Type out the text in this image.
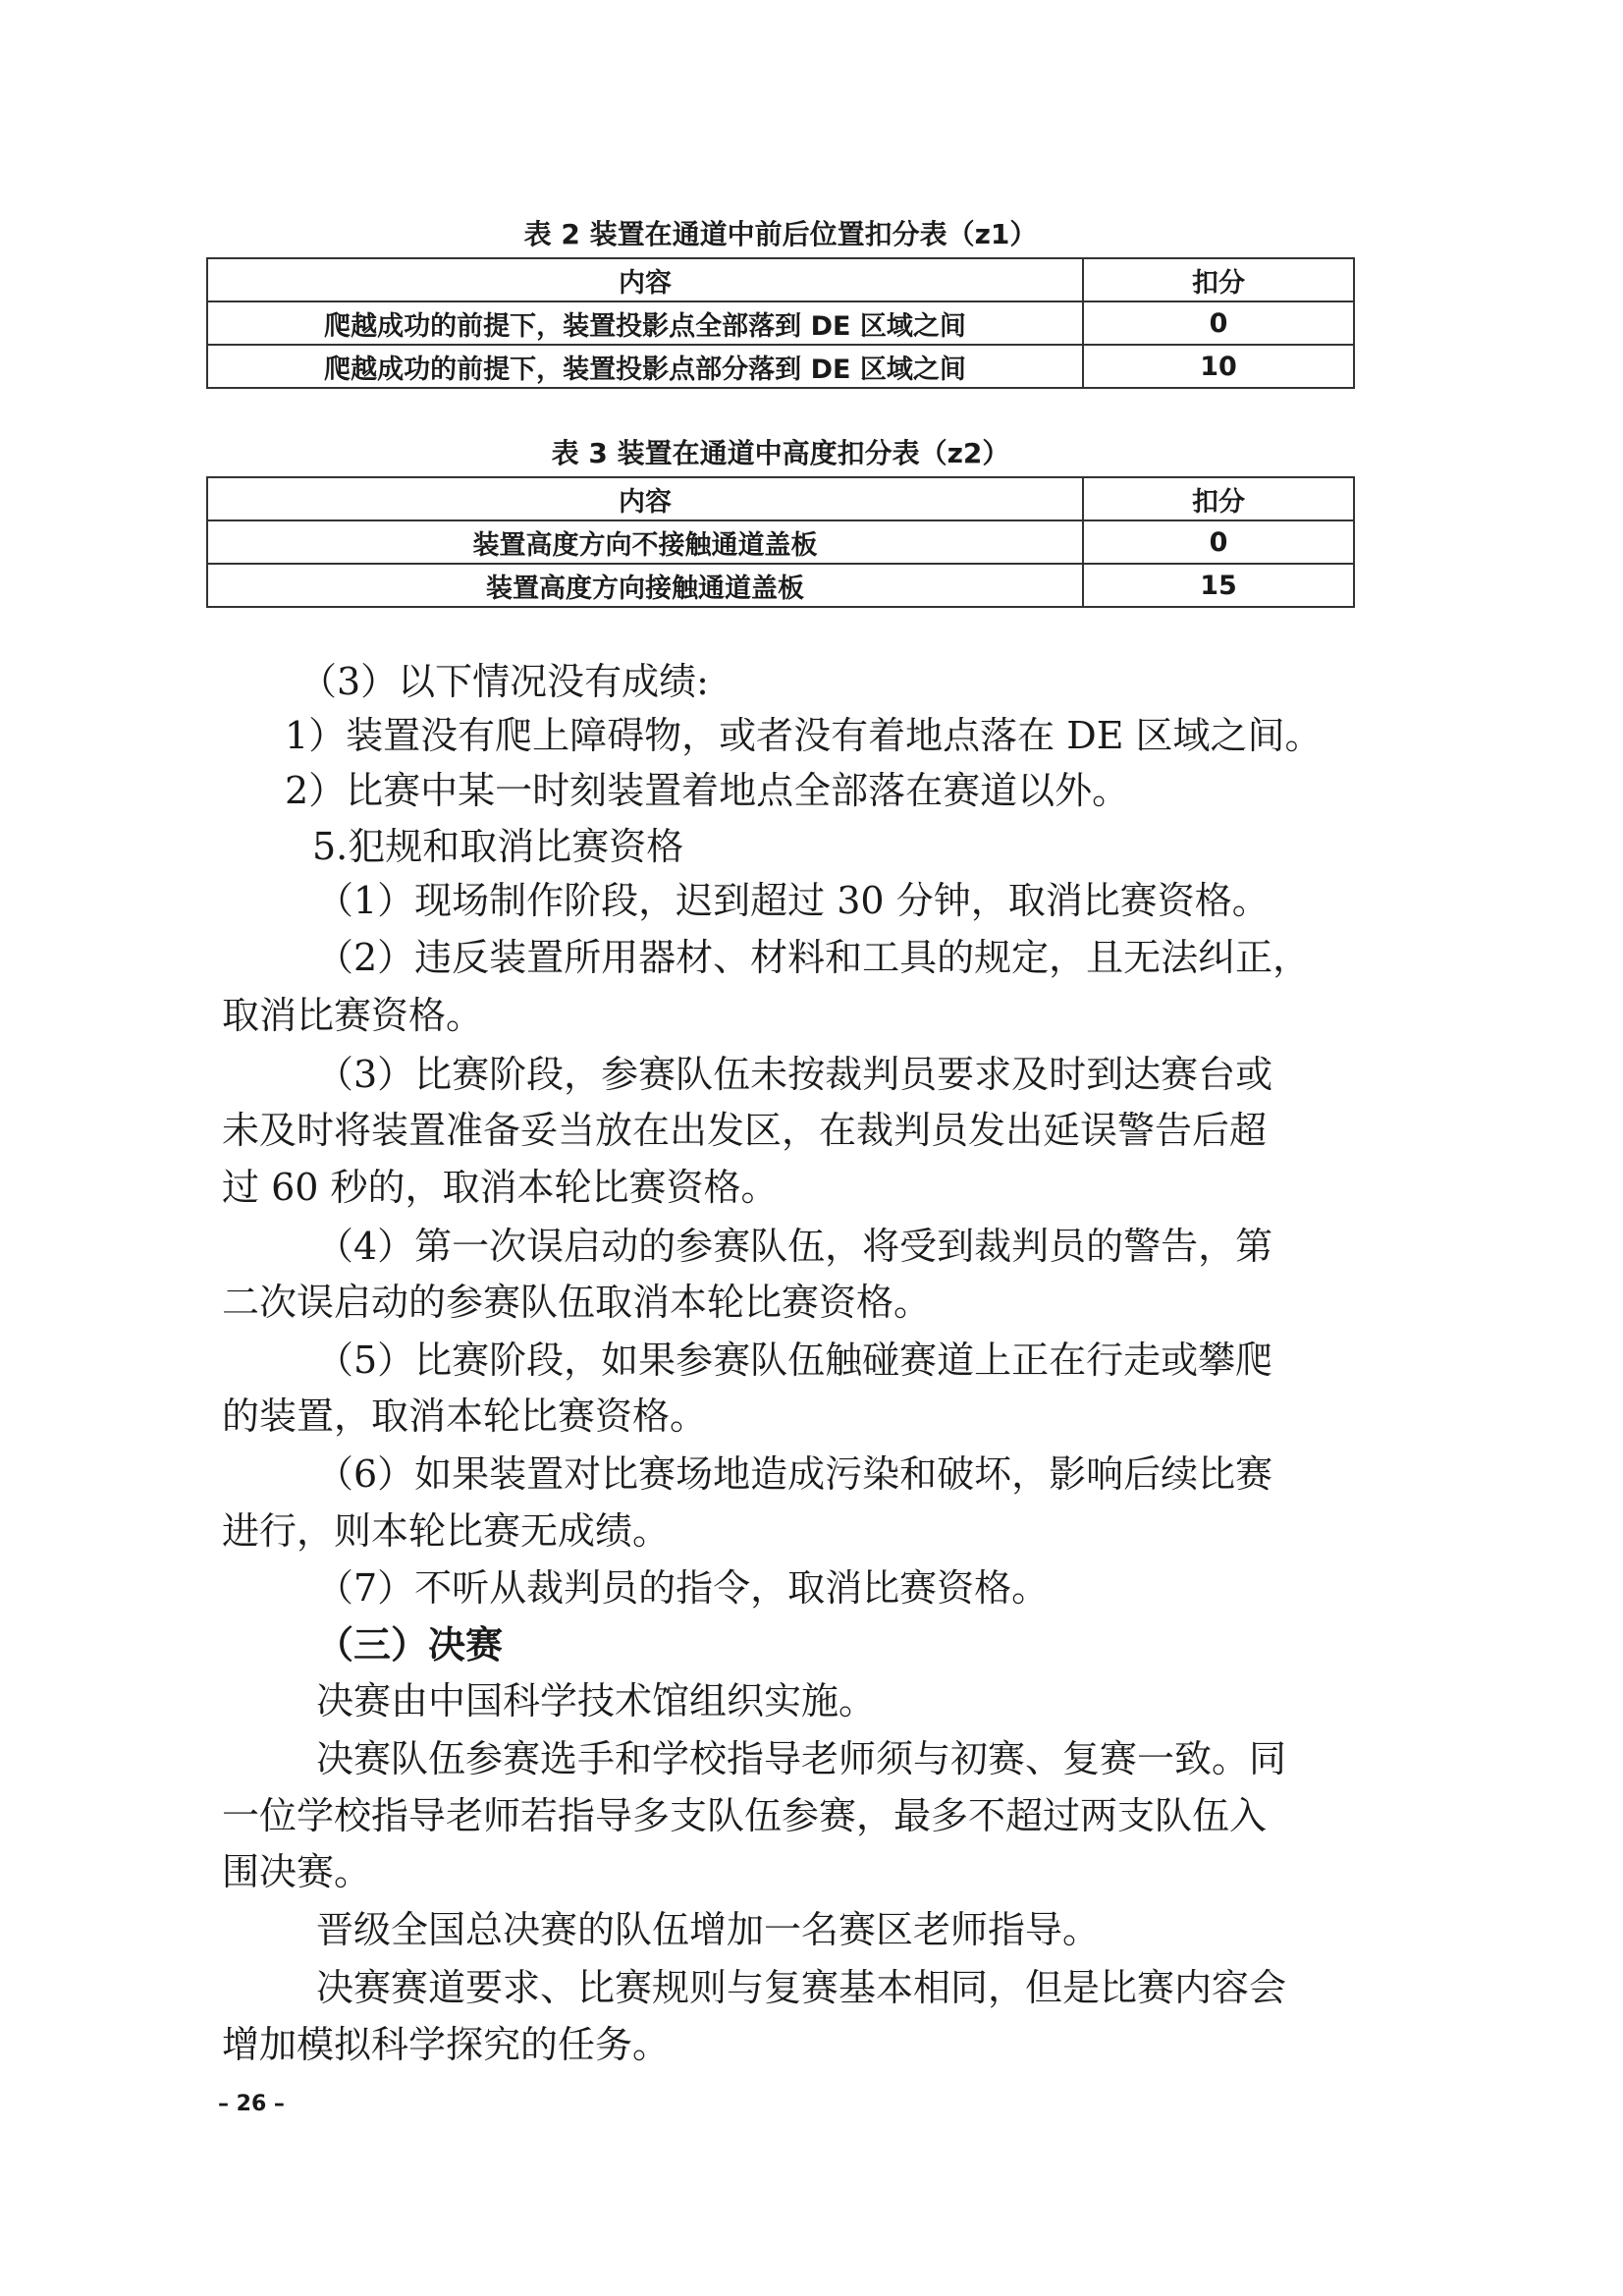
表 2 装置在通道中前后位置扣分表（z1）
内容	扣分
爬越成功的前提下，装置投影点全部落到 DE 区域之间	0
爬越成功的前提下，装置投影点部分落到 DE 区域之间	10
表 3 装置在通道中高度扣分表（z2）
内容	扣分
装置高度方向不接触通道盖板	0
装置高度方向接触通道盖板	15
（3）以下情况没有成绩:
1）装置没有爬上障碍物，或者没有着地点落在 DE 区域之间。
2）比赛中某一时刻装置着地点全部落在赛道以外。
5.犯规和取消比赛资格
（1）现场制作阶段，迟到超过 30 分钟，取消比赛资格。
（2）违反装置所用器材、材料和工具的规定，且无法纠正，
取消比赛资格。
（3）比赛阶段，参赛队伍未按裁判员要求及时到达赛台或
未及时将装置准备妥当放在出发区，在裁判员发出延误警告后超
过 60 秒的，取消本轮比赛资格。
（4）第一次误启动的参赛队伍，将受到裁判员的警告，第
二次误启动的参赛队伍取消本轮比赛资格。
（5）比赛阶段，如果参赛队伍触碰赛道上正在行走或攀爬
的装置，取消本轮比赛资格。
（6）如果装置对比赛场地造成污染和破坏，影响后续比赛
进行，则本轮比赛无成绩。
（7）不听从裁判员的指令，取消比赛资格。
（三）决赛
决赛由中国科学技术馆组织实施。
决赛队伍参赛选手和学校指导老师须与初赛、复赛一致。同
一位学校指导老师若指导多支队伍参赛，最多不超过两支队伍入
围决赛。
晋级全国总决赛的队伍增加一名赛区老师指导。
决赛赛道要求、比赛规则与复赛基本相同，但是比赛内容会
增加模拟科学探究的任务。
– 26 –
